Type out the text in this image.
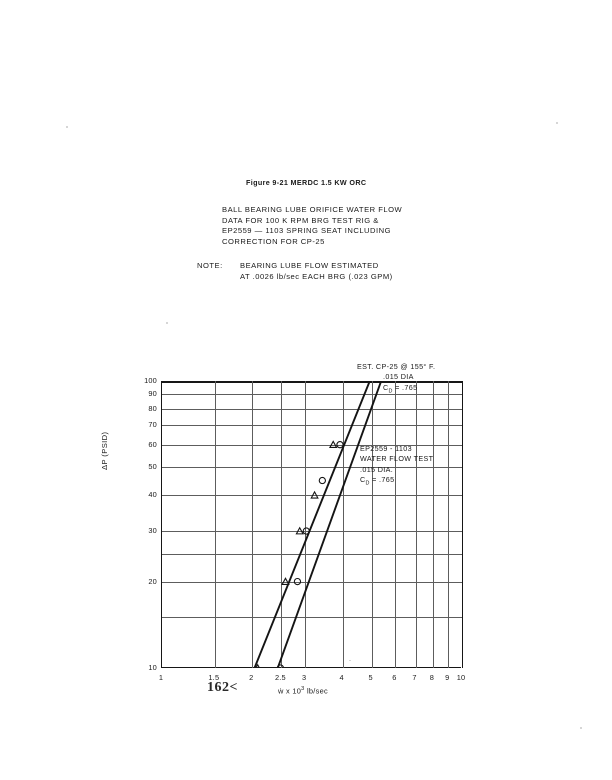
Figure 9-21 MERDC 1.5 KW ORC
BALL BEARING LUBE ORIFICE WATER FLOW
DATA FOR 100 K RPM BRG TEST RIG &
EP2559 — 1103 SPRING SEAT INCLUDING
CORRECTION FOR CP-25
NOTE: BEARING LUBE FLOW ESTIMATED
AT .0026 lb/sec EACH BRG (.023 GPM)
10
20
30
40
50
60
70
80
90
100
1	1.5	2	2.5	3	4	5	6	7	8	9 10
ΔP (PSID)
ẇ x $10^3$ lb/sec
EST. CP-25 @ 155° F.
.015 DIA
$C_D = .765$
EP2559 - 1103
WATER FLOW TEST
.015 DIA.
$C_D = .765$
162<
